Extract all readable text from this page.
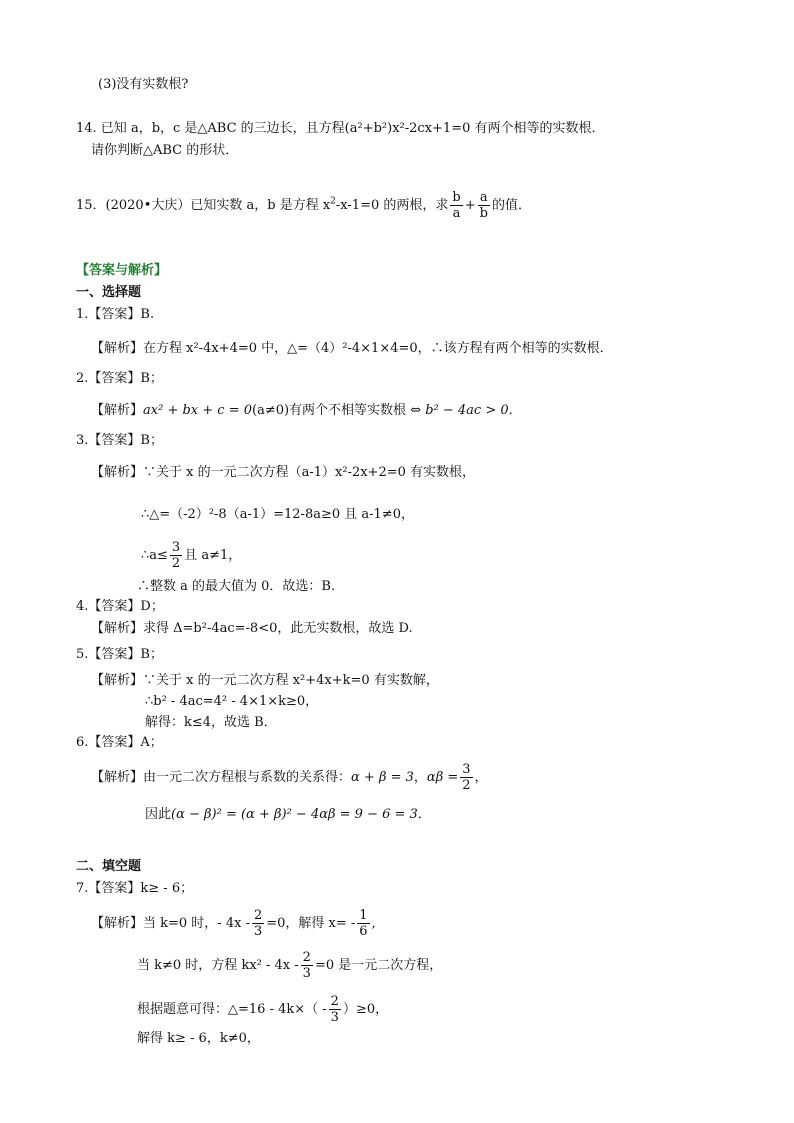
(3)没有实数根?
14. 已知 a，b，c 是△ABC 的三边长，且方程(a²+b²)x²-2cx+1=0 有两个相等的实数根．
请你判断△ABC 的形状．
15．(2020•大庆）已知实数 a，b 是方程 $x^2-x-1=0$ 的两根，求 $\frac{b}{a} + \frac{a}{b}$ 的值．
【答案与解析】
一、选择题
1.【答案】B.
【解析】在方程 x²-4x+4=0 中，△=（4）²-4×1×4=0，∴该方程有两个相等的实数根．
2.【答案】B；
【解析】ax² + bx + c = 0(a≠0)有两个不相等实数根 ⇔ b² − 4ac > 0．
3.【答案】B；
【解析】∵关于 x 的一元二次方程（a-1）x²-2x+2=0 有实数根，
∴△=（-2）²-8（a-1）=12-8a≥0 且 a-1≠0，
∴a≤ $\frac{3}{2}$ 且 a≠1，
∴整数 a 的最大值为 0．故选：B．
4.【答案】D；
【解析】求得 Δ=b²-4ac=-8<0，此无实数根，故选 D.
5.【答案】B；
【解析】∵关于 x 的一元二次方程 x²+4x+k=0 有实数解，
∴b² - 4ac=4² - 4×1×k≥0，
解得：k≤4，故选 B．
6.【答案】A；
【解析】由一元二次方程根与系数的关系得：α + β = 3，$\alpha\beta = \frac{3}{2}$ ，
因此(α − β)² = (α + β)² − 4αβ = 9 − 6 = 3．
二、填空题
7.【答案】k≥ - 6；
【解析】当 k=0 时，- $4x - \frac{2}{3} =0$，解得 $x= - \frac{1}{6}$ ,
当 k≠0 时，方程 $kx^2 - 4x - \frac{2}{3} =0$ 是一元二次方程，
根据题意可得：△=16 - $4k\times( - \frac{2}{3} )\ge 0$，
解得 k≥ - 6，k≠0，
